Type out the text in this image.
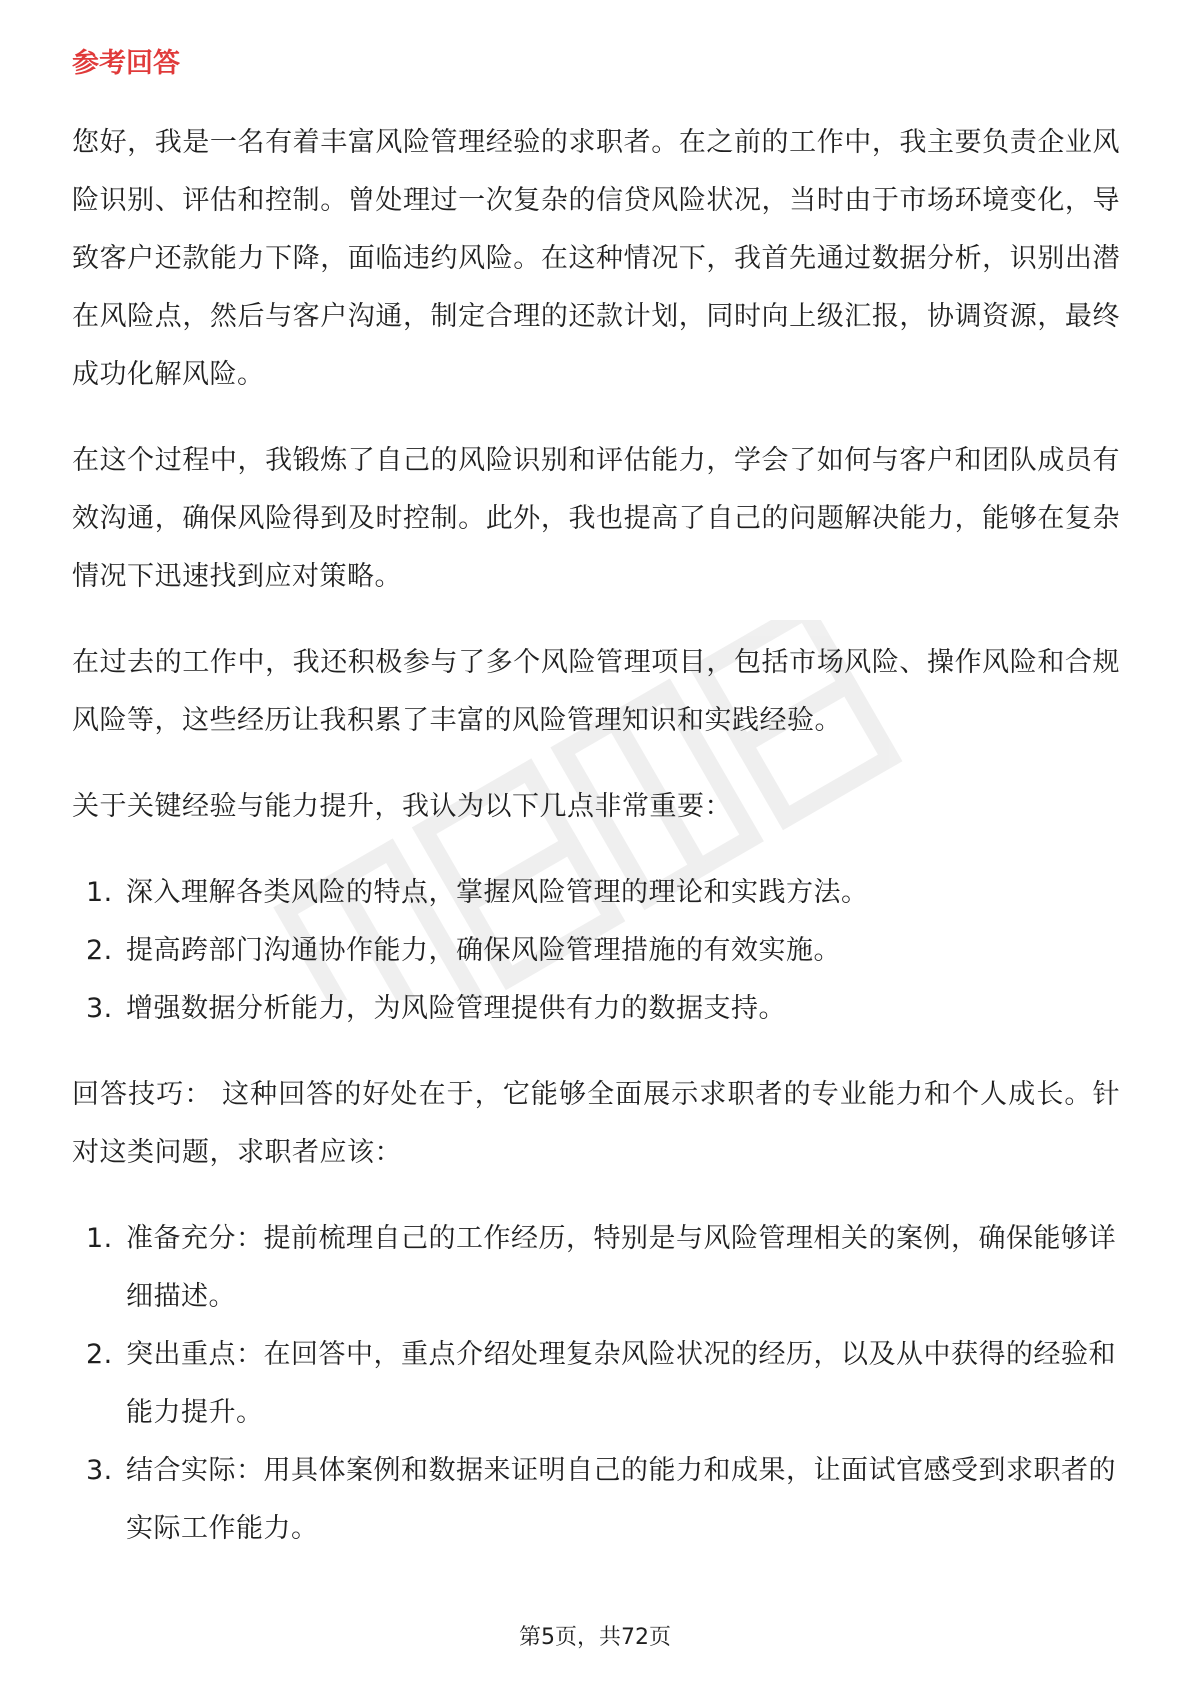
参考回答

您好，我是一名有着丰富风险管理经验的求职者。在之前的工作中，我主要负责企业风险识别、评估和控制。曾处理过一次复杂的信贷风险状况，当时由于市场环境变化，导致客户还款能力下降，面临违约风险。在这种情况下，我首先通过数据分析，识别出潜在风险点，然后与客户沟通，制定合理的还款计划，同时向上级汇报，协调资源，最终成功化解风险。

在这个过程中，我锻炼了自己的风险识别和评估能力，学会了如何与客户和团队成员有效沟通，确保风险得到及时控制。此外，我也提高了自己的问题解决能力，能够在复杂情况下迅速找到应对策略。

在过去的工作中，我还积极参与了多个风险管理项目，包括市场风险、操作风险和合规风险等，这些经历让我积累了丰富的风险管理知识和实践经验。

关于关键经验与能力提升，我认为以下几点非常重要：

1. 深入理解各类风险的特点，掌握风险管理的理论和实践方法。
2. 提高跨部门沟通协作能力，确保风险管理措施的有效实施。
3. 增强数据分析能力，为风险管理提供有力的数据支持。

回答技巧： 这种回答的好处在于，它能够全面展示求职者的专业能力和个人成长。针对这类问题，求职者应该：

1. 准备充分：提前梳理自己的工作经历，特别是与风险管理相关的案例，确保能够详细描述。
2. 突出重点：在回答中，重点介绍处理复杂风险状况的经历，以及从中获得的经验和能力提升。
3. 结合实际：用具体案例和数据来证明自己的能力和成果，让面试官感受到求职者的实际工作能力。
第5页，共72页
